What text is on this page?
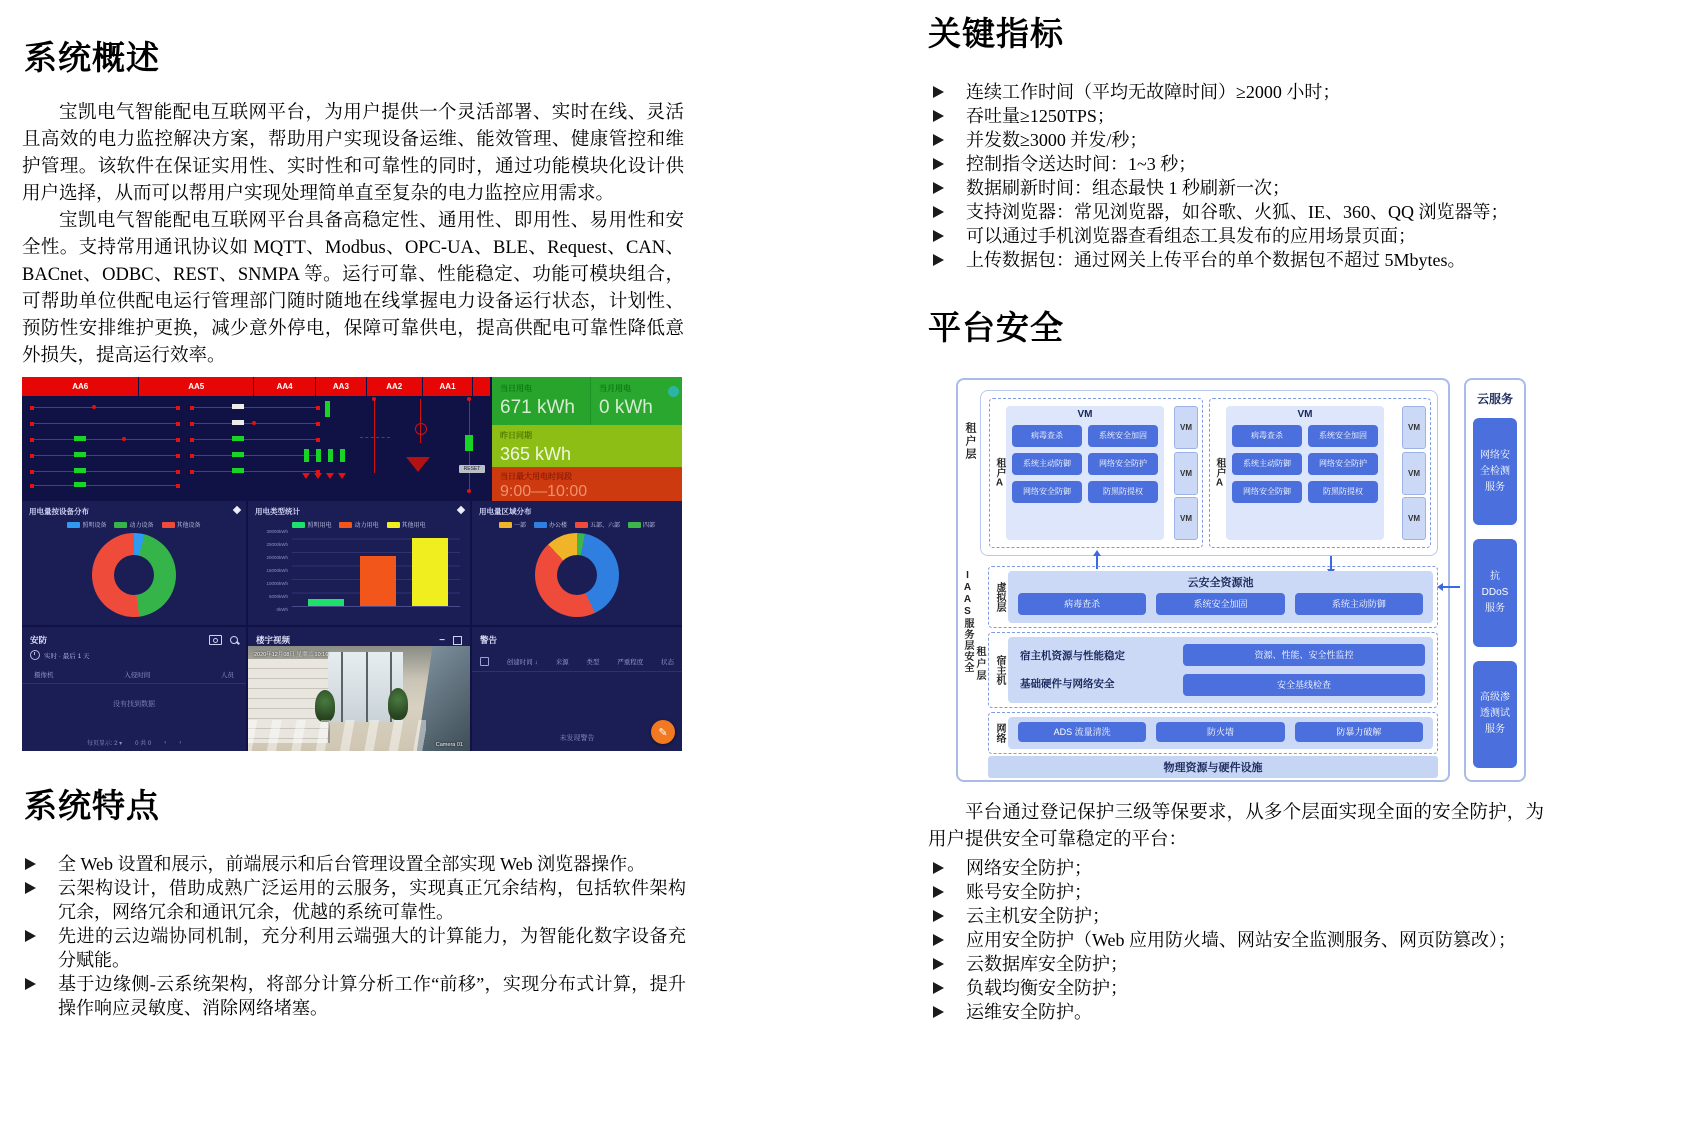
系统概述

宝凯电气智能配电互联网平台，为用户提供一个灵活部署、实时在线、灵活且高效的电力监控解决方案，帮助用户实现设备运维、能效管理、健康管控和维护管理。该软件在保证实用性、实时性和可靠性的同时，通过功能模块化设计供用户选择，从而可以帮用户实现处理简单直至复杂的电力监控应用需求。

宝凯电气智能配电互联网平台具备高稳定性、通用性、即用性、易用性和安全性。支持常用通讯协议如 MQTT、Modbus、OPC-UA、BLE、Request、CAN、BACnet、ODBC、REST、SNMPA 等。运行可靠、性能稳定、功能可模块组合，可帮助单位供配电运行管理部门随时随地在线掌握电力设备运行状态，计划性、预防性安排维护更换，减少意外停电，保障可靠供电，提高供配电可靠性降低意外损失，提高运行效率。

AA6	AA5	AA4	AA3	AA2	AA1
RESET
当日用电
671 kWh
当月用电
0 kWh
昨日同期
365 kWh
当日最大用电时间段
9:00—10:00
用电量按设备分布
照明设备	动力设备	其他设备
用电类型统计
照明用电	动力用电	其他用电
30000kWh
25000kWh
20000kWh
15000kWh
10000kWh
5000kWh
0kWh
用电量区域分布
一部	办公楼	五部、六部	四部
安防
实时 · 最后 1 天
摄像机	入侵时间	人员
没有找到数据
每页显示: 2 ▾ 0 共 0 ‹ ›
楼宇视频	−
2020年12月08日 星期二 10:16
Camera 01
警告
创建时间 ↓	来源	类型	严重程度	状态
未发现警告	✎
系统特点
全 Web 设置和展示，前端展示和后台管理设置全部实现 Web 浏览器操作。
云架构设计，借助成熟广泛运用的云服务，实现真正冗余结构，包括软件架构冗余，网络冗余和通讯冗余，优越的系统可靠性。
先进的云边端协同机制，充分利用云端强大的计算能力，为智能化数字设备充分赋能。
基于边缘侧-云系统架构，将部分计算分析工作“前移”，实现分布式计算，提升操作响应灵敏度、消除网络堵塞。
关键指标
连续工作时间（平均无故障时间）≥2000 小时；
吞吐量≥1250TPS；
并发数≥3000 并发/秒；
控制指令送达时间：1~3 秒；
数据刷新时间：组态最快 1 秒刷新一次；
支持浏览器：常见浏览器，如谷歌、火狐、IE、360、QQ 浏览器等；
可以通过手机浏览器查看组态工具发布的应用场景页面；
上传数据包：通过网关上传平台的单个数据包不超过 5Mbytes。
平台安全
租户层
IAAS服务层安全 租户层
租户A
VM
病毒查杀	系统安全加固
系统主动防御	网络安全防护
网络安全防御	防黑防提权
VM
VM
VM
租户A
VM
病毒查杀	系统安全加固
系统主动防御	网络安全防护
网络安全防御	防黑防提权
VM
VM
VM
虚拟层	云安全资源池
病毒查杀	系统安全加固	系统主动防御
宿主机 宿主机资源与性能稳定
基础硬件与网络安全
资源、性能、安全性监控
安全基线检查
网络	ADS 流量清洗	防火墙	防暴力破解
物理资源与硬件设施
云服务
网络安全检测服务
抗DDoS服务
高级渗透测试服务

平台通过登记保护三级等保要求，从多个层面实现全面的安全防护，为用户提供安全可靠稳定的平台：

网络安全防护；
账号安全防护；
云主机安全防护；
应用安全防护（Web 应用防火墙、网站安全监测服务、网页防篡改）；
云数据库安全防护；
负载均衡安全防护；
运维安全防护。
